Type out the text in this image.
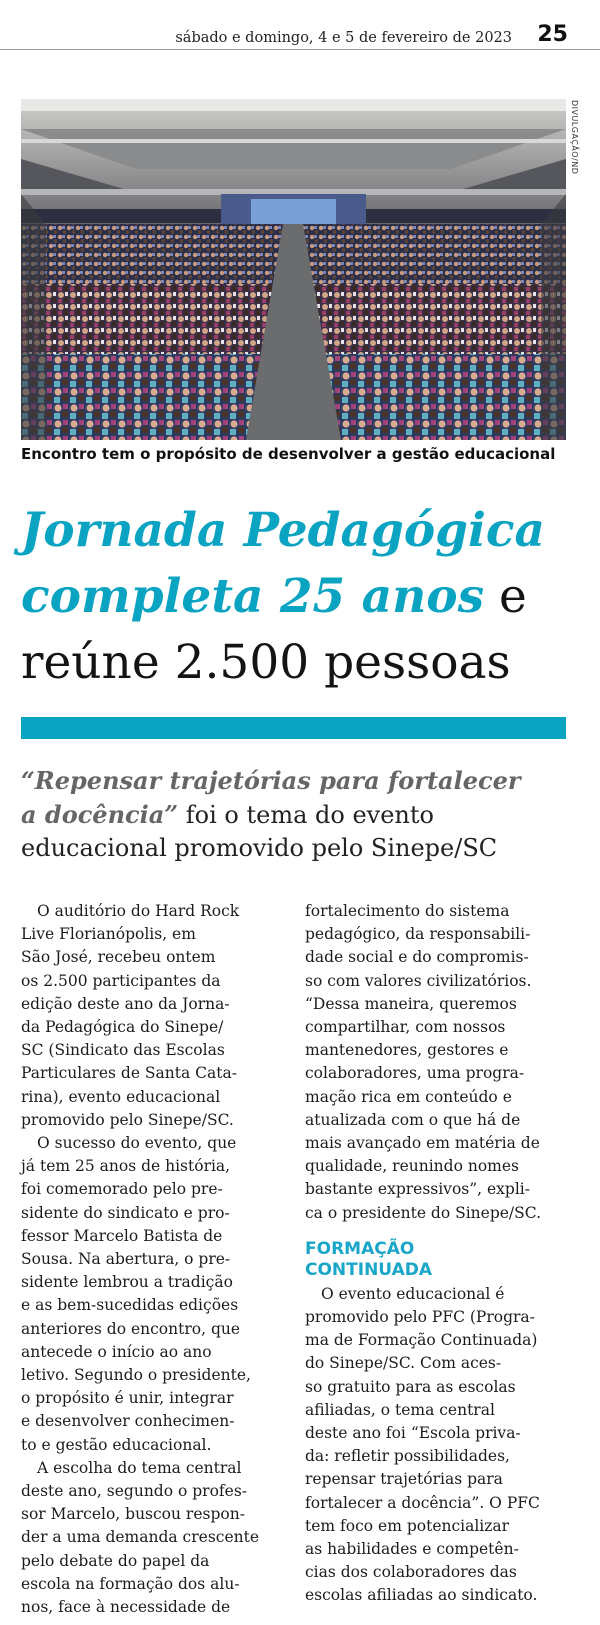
sábado e domingo, 4 e 5 de fevereiro de 2023 25
DIVULGAÇÃO/ND
Encontro tem o propósito de desenvolver a gestão educacional
Jornada Pedagógica
completa 25 anos e
reúne 2.500 pessoas
“Repensar trajetórias para fortalecer
a docência” foi o tema do evento
educacional promovido pelo Sinepe/SC
O auditório do Hard Rock
Live Florianópolis, em
São José, recebeu ontem
os 2.500 participantes da
edição deste ano da Jorna-
da Pedagógica do Sinepe/
SC (Sindicato das Escolas
Particulares de Santa Cata-
rina), evento educacional
promovido pelo Sinepe/SC.
O sucesso do evento, que
já tem 25 anos de história,
foi comemorado pelo pre-
sidente do sindicato e pro-
fessor Marcelo Batista de
Sousa. Na abertura, o pre-
sidente lembrou a tradição
e as bem-sucedidas edições
anteriores do encontro, que
antecede o início ao ano
letivo. Segundo o presidente,
o propósito é unir, integrar
e desenvolver conhecimen-
to e gestão educacional.
A escolha do tema central
deste ano, segundo o profes-
sor Marcelo, buscou respon-
der a uma demanda crescente
pelo debate do papel da
escola na formação dos alu-
nos, face à necessidade de
fortalecimento do sistema
pedagógico, da responsabili-
dade social e do compromis-
so com valores civilizatórios.
“Dessa maneira, queremos
compartilhar, com nossos
mantenedores, gestores e
colaboradores, uma progra-
mação rica em conteúdo e
atualizada com o que há de
mais avançado em matéria de
qualidade, reunindo nomes
bastante expressivos”, expli-
ca o presidente do Sinepe/SC.
FORMAÇÃO
CONTINUADA
O evento educacional é
promovido pelo PFC (Progra-
ma de Formação Continuada)
do Sinepe/SC. Com aces-
so gratuito para as escolas
afiliadas, o tema central
deste ano foi “Escola priva-
da: refletir possibilidades,
repensar trajetórias para
fortalecer a docência”. O PFC
tem foco em potencializar
as habilidades e competên-
cias dos colaboradores das
escolas afiliadas ao sindicato.
